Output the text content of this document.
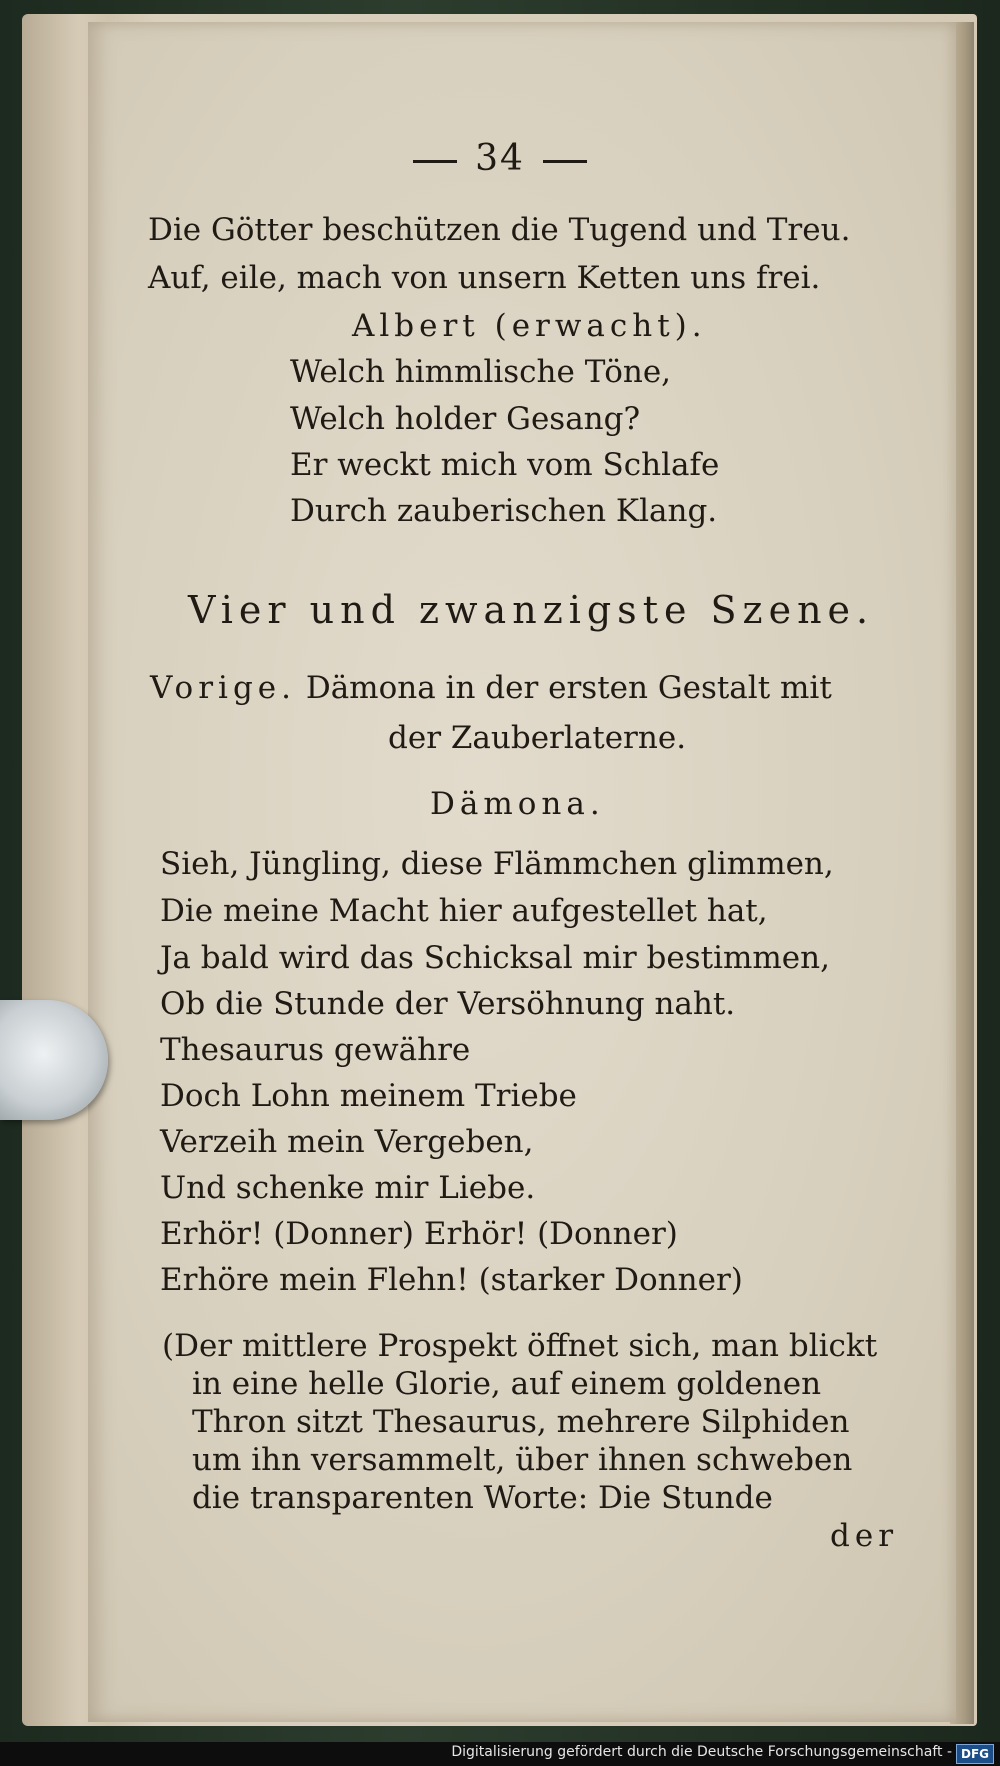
34
Die Götter beschützen die Tugend und Treu.
Auf, eile, mach von unsern Ketten uns frei.
Albert (erwacht).
Welch himmlische Töne,
Welch holder Gesang?
Er weckt mich vom Schlafe
Durch zauberischen Klang.
Vier und zwanzigste Szene.
Vorige. Dämona in der ersten Gestalt mit
der Zauberlaterne.
Dämona.
Sieh, Jüngling, diese Flämmchen glimmen,
Die meine Macht hier aufgestellet hat,
Ja bald wird das Schicksal mir bestimmen,
Ob die Stunde der Versöhnung naht.
Thesaurus gewähre
Doch Lohn meinem Triebe
Verzeih mein Vergeben,
Und schenke mir Liebe.
Erhör! (Donner) Erhör! (Donner)
Erhöre mein Flehn! (starker Donner)
(Der mittlere Prospekt öffnet sich, man blickt
in eine helle Glorie, auf einem goldenen
Thron sitzt Thesaurus, mehrere Silphiden
um ihn versammelt, über ihnen schweben
die transparenten Worte: Die Stunde
der
Digitalisierung gefördert durch die Deutsche Forschungsgemeinschaft - DFG
